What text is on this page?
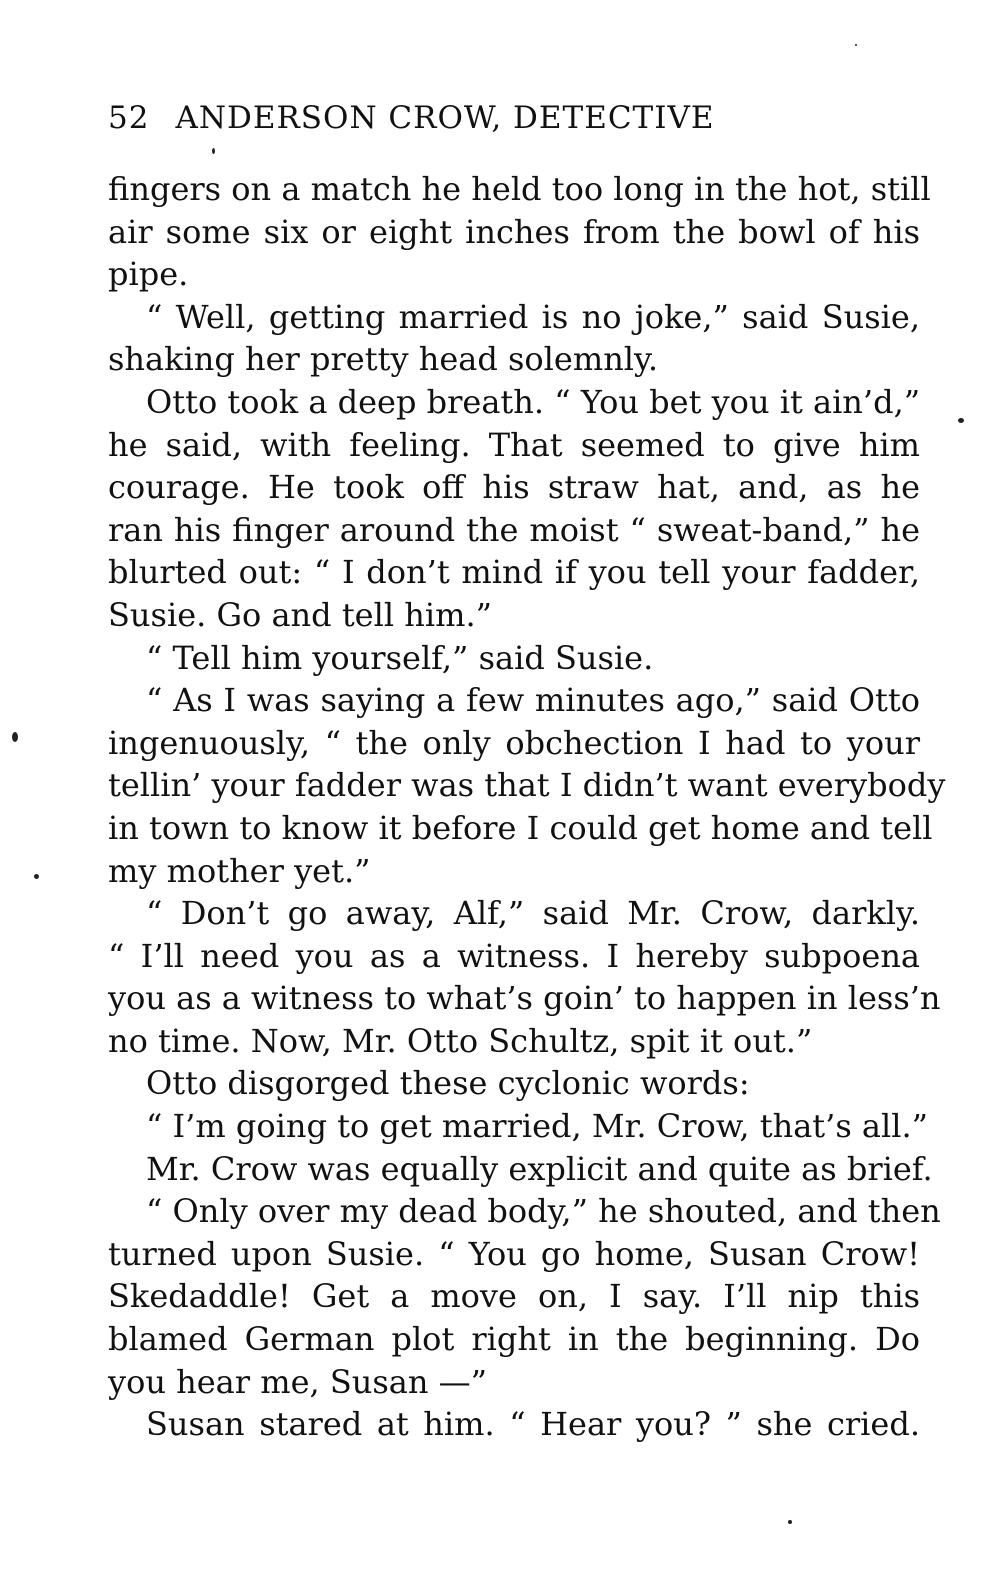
52 ANDERSON CROW, DETECTIVE
fingers on a match he held too long in the hot, still
air some six or eight inches from the bowl of his
pipe.
“ Well, getting married is no joke,” said Susie,
shaking her pretty head solemnly.
Otto took a deep breath. “ You bet you it ain’d,”
he said, with feeling. That seemed to give him
courage. He took off his straw hat, and, as he
ran his finger around the moist “ sweat-band,” he
blurted out: “ I don’t mind if you tell your fadder,
Susie. Go and tell him.”
“ Tell him yourself,” said Susie.
“ As I was saying a few minutes ago,” said Otto
ingenuously, “ the only obchection I had to your
tellin’ your fadder was that I didn’t want everybody
in town to know it before I could get home and tell
my mother yet.”
“ Don’t go away, Alf,” said Mr. Crow, darkly.
“ I’ll need you as a witness. I hereby subpoena
you as a witness to what’s goin’ to happen in less’n
no time. Now, Mr. Otto Schultz, spit it out.”
Otto disgorged these cyclonic words:
“ I’m going to get married, Mr. Crow, that’s all.”
Mr. Crow was equally explicit and quite as brief.
“ Only over my dead body,” he shouted, and then
turned upon Susie. “ You go home, Susan Crow!
Skedaddle! Get a move on, I say. I’ll nip this
blamed German plot right in the beginning. Do
you hear me, Susan —”
Susan stared at him. “ Hear you? ” she cried.
